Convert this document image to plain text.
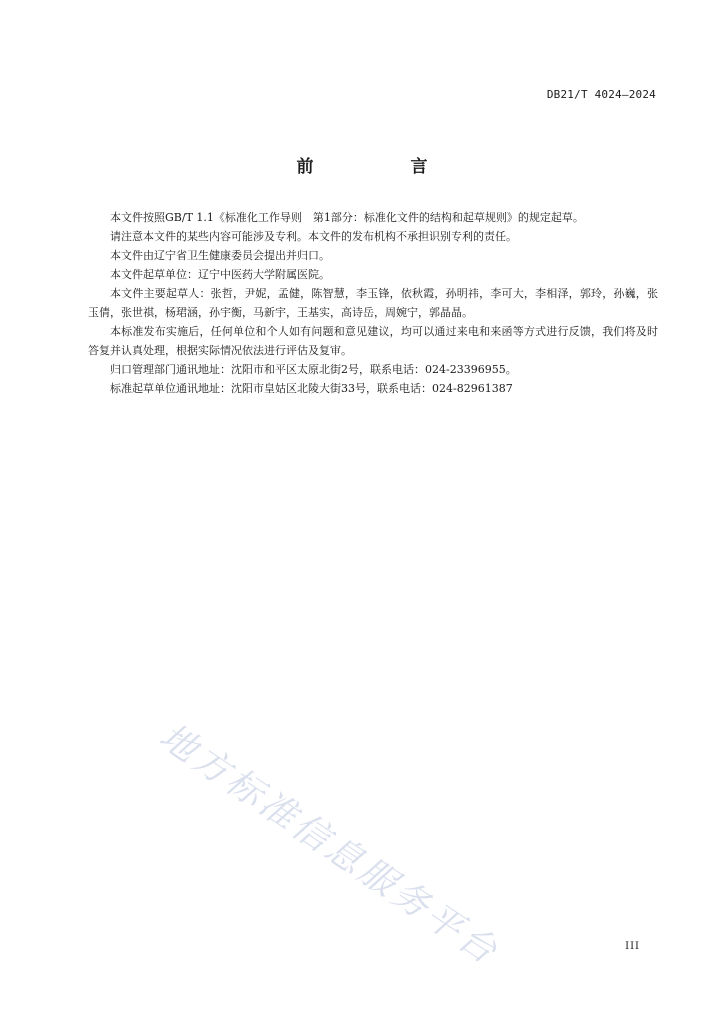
DB21/T 4024—2024
前　言

本文件按照GB/T 1.1《标准化工作导则　第1部分：标准化文件的结构和起草规则》的规定起草。

请注意本文件的某些内容可能涉及专利。本文件的发布机构不承担识别专利的责任。

本文件由辽宁省卫生健康委员会提出并归口。

本文件起草单位：辽宁中医药大学附属医院。

本文件主要起草人：张哲，尹妮，孟健，陈智慧，李玉锋，依秋霞，孙明祎，李可大，李相泽，郭玲，孙巍，张玉倩，张世祺，杨珺涵，孙宇衡，马新宇，王基实，高诗岳，周婉宁，郭晶晶。

本标准发布实施后，任何单位和个人如有问题和意见建议，均可以通过来电和来函等方式进行反馈，我们将及时答复并认真处理，根据实际情况依法进行评估及复审。

归口管理部门通讯地址：沈阳市和平区太原北街2号，联系电话：024-23396955。

标准起草单位通讯地址：沈阳市皇姑区北陵大街33号，联系电话：024-82961387

地方标准信息服务平台	III
